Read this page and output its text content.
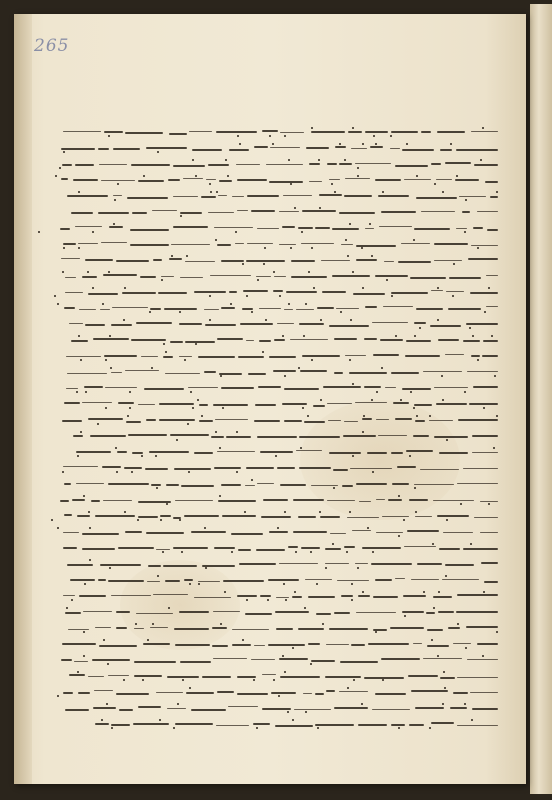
265
